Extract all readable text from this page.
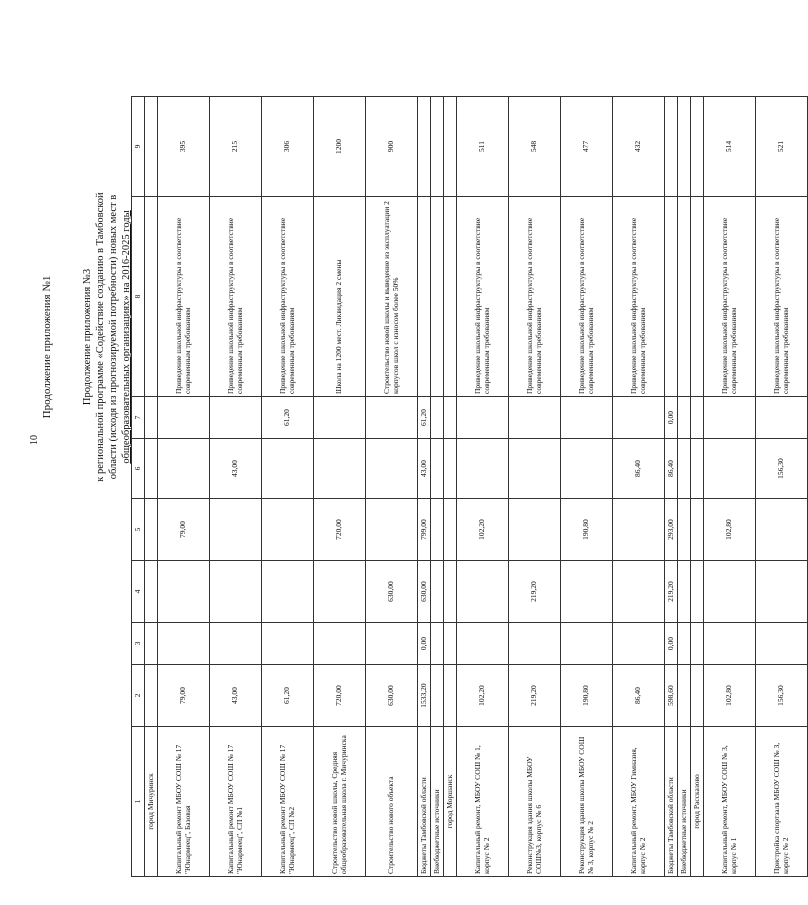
10
Продолжение приложения №1	Продолжение приложения №3 к региональной программе «Содействие созданию в Тамбовской области (исходя из прогнозируемой потребности) новых мест в общеобразовательных организациях» на 2016-2025 годы
1	2	3	4	5	6	7	8	9
город Мичуринск								
Капитальный ремонт МБОУ СОШ № 17 "Юнармеец", Базовая	79,00			79,00			Приведение школьной инфраструктуры в соответствие современным требованиям	395
Капитальный ремонт МБОУ СОШ № 17 "Юнармеец", СП №1	43,00				43,00		Приведение школьной инфраструктуры в соответствие современным требованиям	215
Капитальный ремонт МБОУ СОШ № 17 "Юнармеец", СП №2	61,20					61,20	Приведение школьной инфраструктуры в соответствие современным требованиям	306
Строительство новой школы, Средняя общеобразовательная школа г. Мичуринска	720,00			720,00			Школа на 1200 мест. Ликвидация 2 смены	1200
Строительство нового объекта	630,00		630,00				Строительство новой школы и выведение из эксплуатации 2 корпусов школ с износом более 50%	900
Бюджеты Тамбовской области	1533,20	0,00	630,00	799,00	43,00	61,20		
Внебюджетные источники								
город Моршанск								
Капитальный ремонт, МБОУ СОШ № 1, корпус № 2	102,20			102,20			Приведение школьной инфраструктуры в соответствие современным требованиям	511
Реконструкция здания школы МБОУ СОШ№3, корпус № 6	219,20		219,20				Приведение школьной инфраструктуры в соответствие современным требованиям	548
Реконструкция здания школы МБОУ СОШ № 3, корпус № 2	190,80			190,80			Приведение школьной инфраструктуры в соответствие современным требованиям	477
Капитальный ремонт, МБОУ Гимназия, корпус № 2	86,40				86,40		Приведение школьной инфраструктуры в соответствие современным требованиям	432
Бюджеты Тамбовской области	598,60	0,00	219,20	293,00	86,40	0,00		
Внебюджетные источники								
город Рассказово								
Капитальный ремонт, МБОУ СОШ № 3, корпус № 1	102,80			102,80			Приведение школьной инфраструктуры в соответствие современным требованиям	514
Пристройка спортзала МБОУ СОШ № 3, корпус № 2	156,30				156,30		Приведение школьной инфраструктуры в соответствие современным требованиям	521
